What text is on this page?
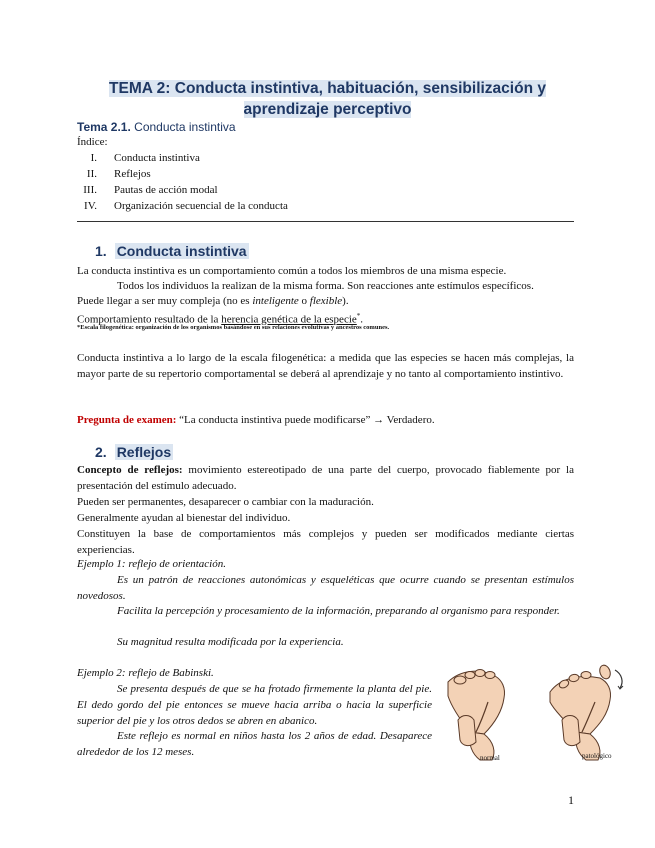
TEMA 2: Conducta instintiva, habituación, sensibilización y
aprendizaje perceptivo
Tema 2.1. Conducta instintiva
Índice:
I. Conducta instintiva
II. Reflejos
III. Pautas de acción modal
IV. Organización secuencial de la conducta
1. Conducta instintiva
La conducta instintiva es un comportamiento común a todos los miembros de una misma especie.
Todos los individuos la realizan de la misma forma. Son reacciones ante estímulos específicos.
Puede llegar a ser muy compleja (no es inteligente o flexible).
Comportamiento resultado de la herencia genética de la especie*.
*Escala filogenética: organización de los organismos basándose en sus relaciones evolutivas y ancestros comunes.
Conducta instintiva a lo largo de la escala filogenética: a medida que las especies se hacen más complejas, la mayor parte de su repertorio comportamental se deberá al aprendizaje y no tanto al comportamiento instintivo.
Pregunta de examen: “La conducta instintiva puede modificarse” → Verdadero.
2. Reflejos
Concepto de reflejos: movimiento estereotipado de una parte del cuerpo, provocado fiablemente por la presentación del estímulo adecuado.
Pueden ser permanentes, desaparecer o cambiar con la maduración.
Generalmente ayudan al bienestar del individuo.
Constituyen la base de comportamientos más complejos y pueden ser modificados mediante ciertas experiencias.
Ejemplo 1: reflejo de orientación.
Es un patrón de reacciones autonómicas y esqueléticas que ocurre cuando se presentan estímulos novedosos.
Facilita la percepción y procesamiento de la información, preparando al organismo para responder.
Su magnitud resulta modificada por la experiencia.
Ejemplo 2: reflejo de Babinski.
Se presenta después de que se ha frotado firmemente la planta del pie. El dedo gordo del pie entonces se mueve hacia arriba o hacia la superficie superior del pie y los otros dedos se abren en abanico.
Este reflejo es normal en niños hasta los 2 años de edad. Desaparece alrededor de los 12 meses.	normal	patológico
1
